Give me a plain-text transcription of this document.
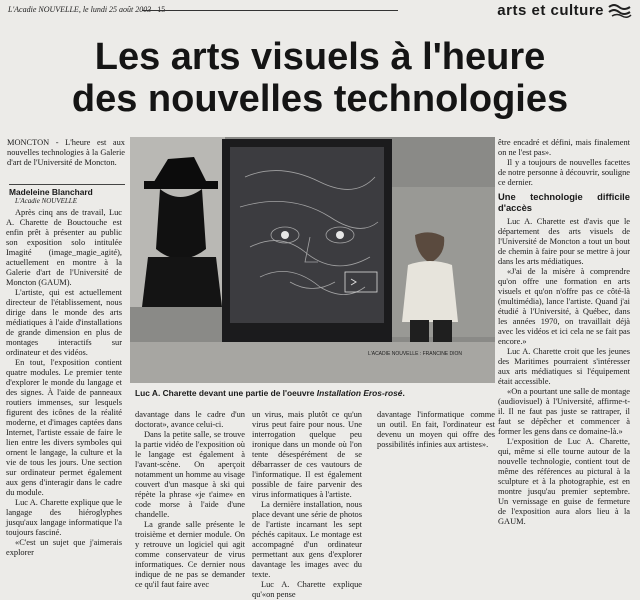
L'Acadie NOUVELLE, le lundi 25 août 2003 15	arts et culture
Les arts visuels à l'heure
des nouvelles technologies
MONCTON - L'heure est aux nouvelles technologies à la Galerie d'art de l'Université de Moncton.
Madeleine Blanchard
L'Acadie NOUVELLE
L'ACADIE NOUVELLE : FRANCINE DION
Luc A. Charette devant une partie de l'oeuvre Installation Eros-rosé.

Après cinq ans de travail, Luc A. Charette de Bouctouche est enfin prêt à présenter au public son exposition solo intitulée Imagité (image_magie_agité), actuellement en montre à la Galerie d'art de l'Université de Moncton (GAUM).

L'artiste, qui est actuellement directeur de l'établissement, nous dirige dans le monde des arts médiatiques à l'aide d'installations de grande dimension en plus de montages interactifs sur ordinateur et des vidéos.

En tout, l'exposition contient quatre modules. Le premier tente d'explorer le monde du langage et des signes. À l'aide de panneaux routiers immenses, sur lesquels figurent des icônes de la réalité moderne, et d'images captées dans Internet, l'artiste essaie de faire le lien entre les divers symboles qui ornent le langage, la culture et la vie de tous les jours. Une section sur ordinateur permet également aux gens d'interagir dans le cadre du module.

Luc A. Charette explique que le langage des hiéroglyphes jusqu'aux langage informatique l'a toujours fasciné.

«C'est un sujet que j'aimerais explorer

davantage dans le cadre d'un doctorat», avance celui-ci.

Dans la petite salle, se trouve la partie vidéo de l'exposition où le langage est également à l'avant-scène. On aperçoit notamment un homme au visage couvert d'un masque à ski qui répète la phrase «je t'aime» en code morse à l'aide d'une chandelle.

La grande salle présente le troisième et dernier module. On y retrouve un logiciel qui agit comme conservateur de virus informatiques. Ce dernier nous indique de ne pas se demander ce qu'il faut faire avec

un virus, mais plutôt ce qu'un virus peut faire pour nous. Une interrogation quelque peu ironique dans un monde où l'on tente désespérément de se débarrasser de ces vautours de l'informatique. Il est également possible de faire parvenir des virus informatiques à l'artiste.

La dernière installation, nous place devant une série de photos de l'artiste incarnant les sept péchés capitaux. Le montage est accompagné d'un ordinateur permettant aux gens d'explorer davantage les images avec du texte.

Luc A. Charette explique qu'«on pense

davantage l'informatique comme un outil. En fait, l'ordinateur est devenu un moyen qui offre des possibilités infinies aux artistes».

être encadré et défini, mais finalement on ne l'est pas».

Il y a toujours de nouvelles facettes de notre personne à découvrir, souligne ce dernier.

Une technologie difficile d'accès

Luc A. Charette est d'avis que le département des arts visuels de l'Université de Moncton a tout un bout de chemin à faire pour se mettre à jour dans les arts médiatiques.

«J'ai de la misère à comprendre qu'on offre une formation en arts visuels et qu'on n'offre pas ce côté-là (multimédia), lance l'artiste. Quand j'ai étudié à l'Université, à Québec, dans les années 1970, on travaillait déjà avec les vidéos et ici cela ne se fait pas encore.»

Luc A. Charette croit que les jeunes des Maritimes pourraient s'intéresser aux arts médiatiques si l'équipement était accessible.

«On a pourtant une salle de montage (audiovisuel) à l'Université, affirme-t-il. Il ne faut pas juste se rattraper, il faut se dépêcher et commencer à former les gens dans ce domaine-là.»

L'exposition de Luc A. Charette, qui, même si elle tourne autour de la nouvelle technologie, contient tout de même des références au pictural à la sculpture et à la photographie, est en montre jusqu'au premier septembre. Un vernissage en guise de fermeture de l'exposition aura alors lieu à la GAUM.
